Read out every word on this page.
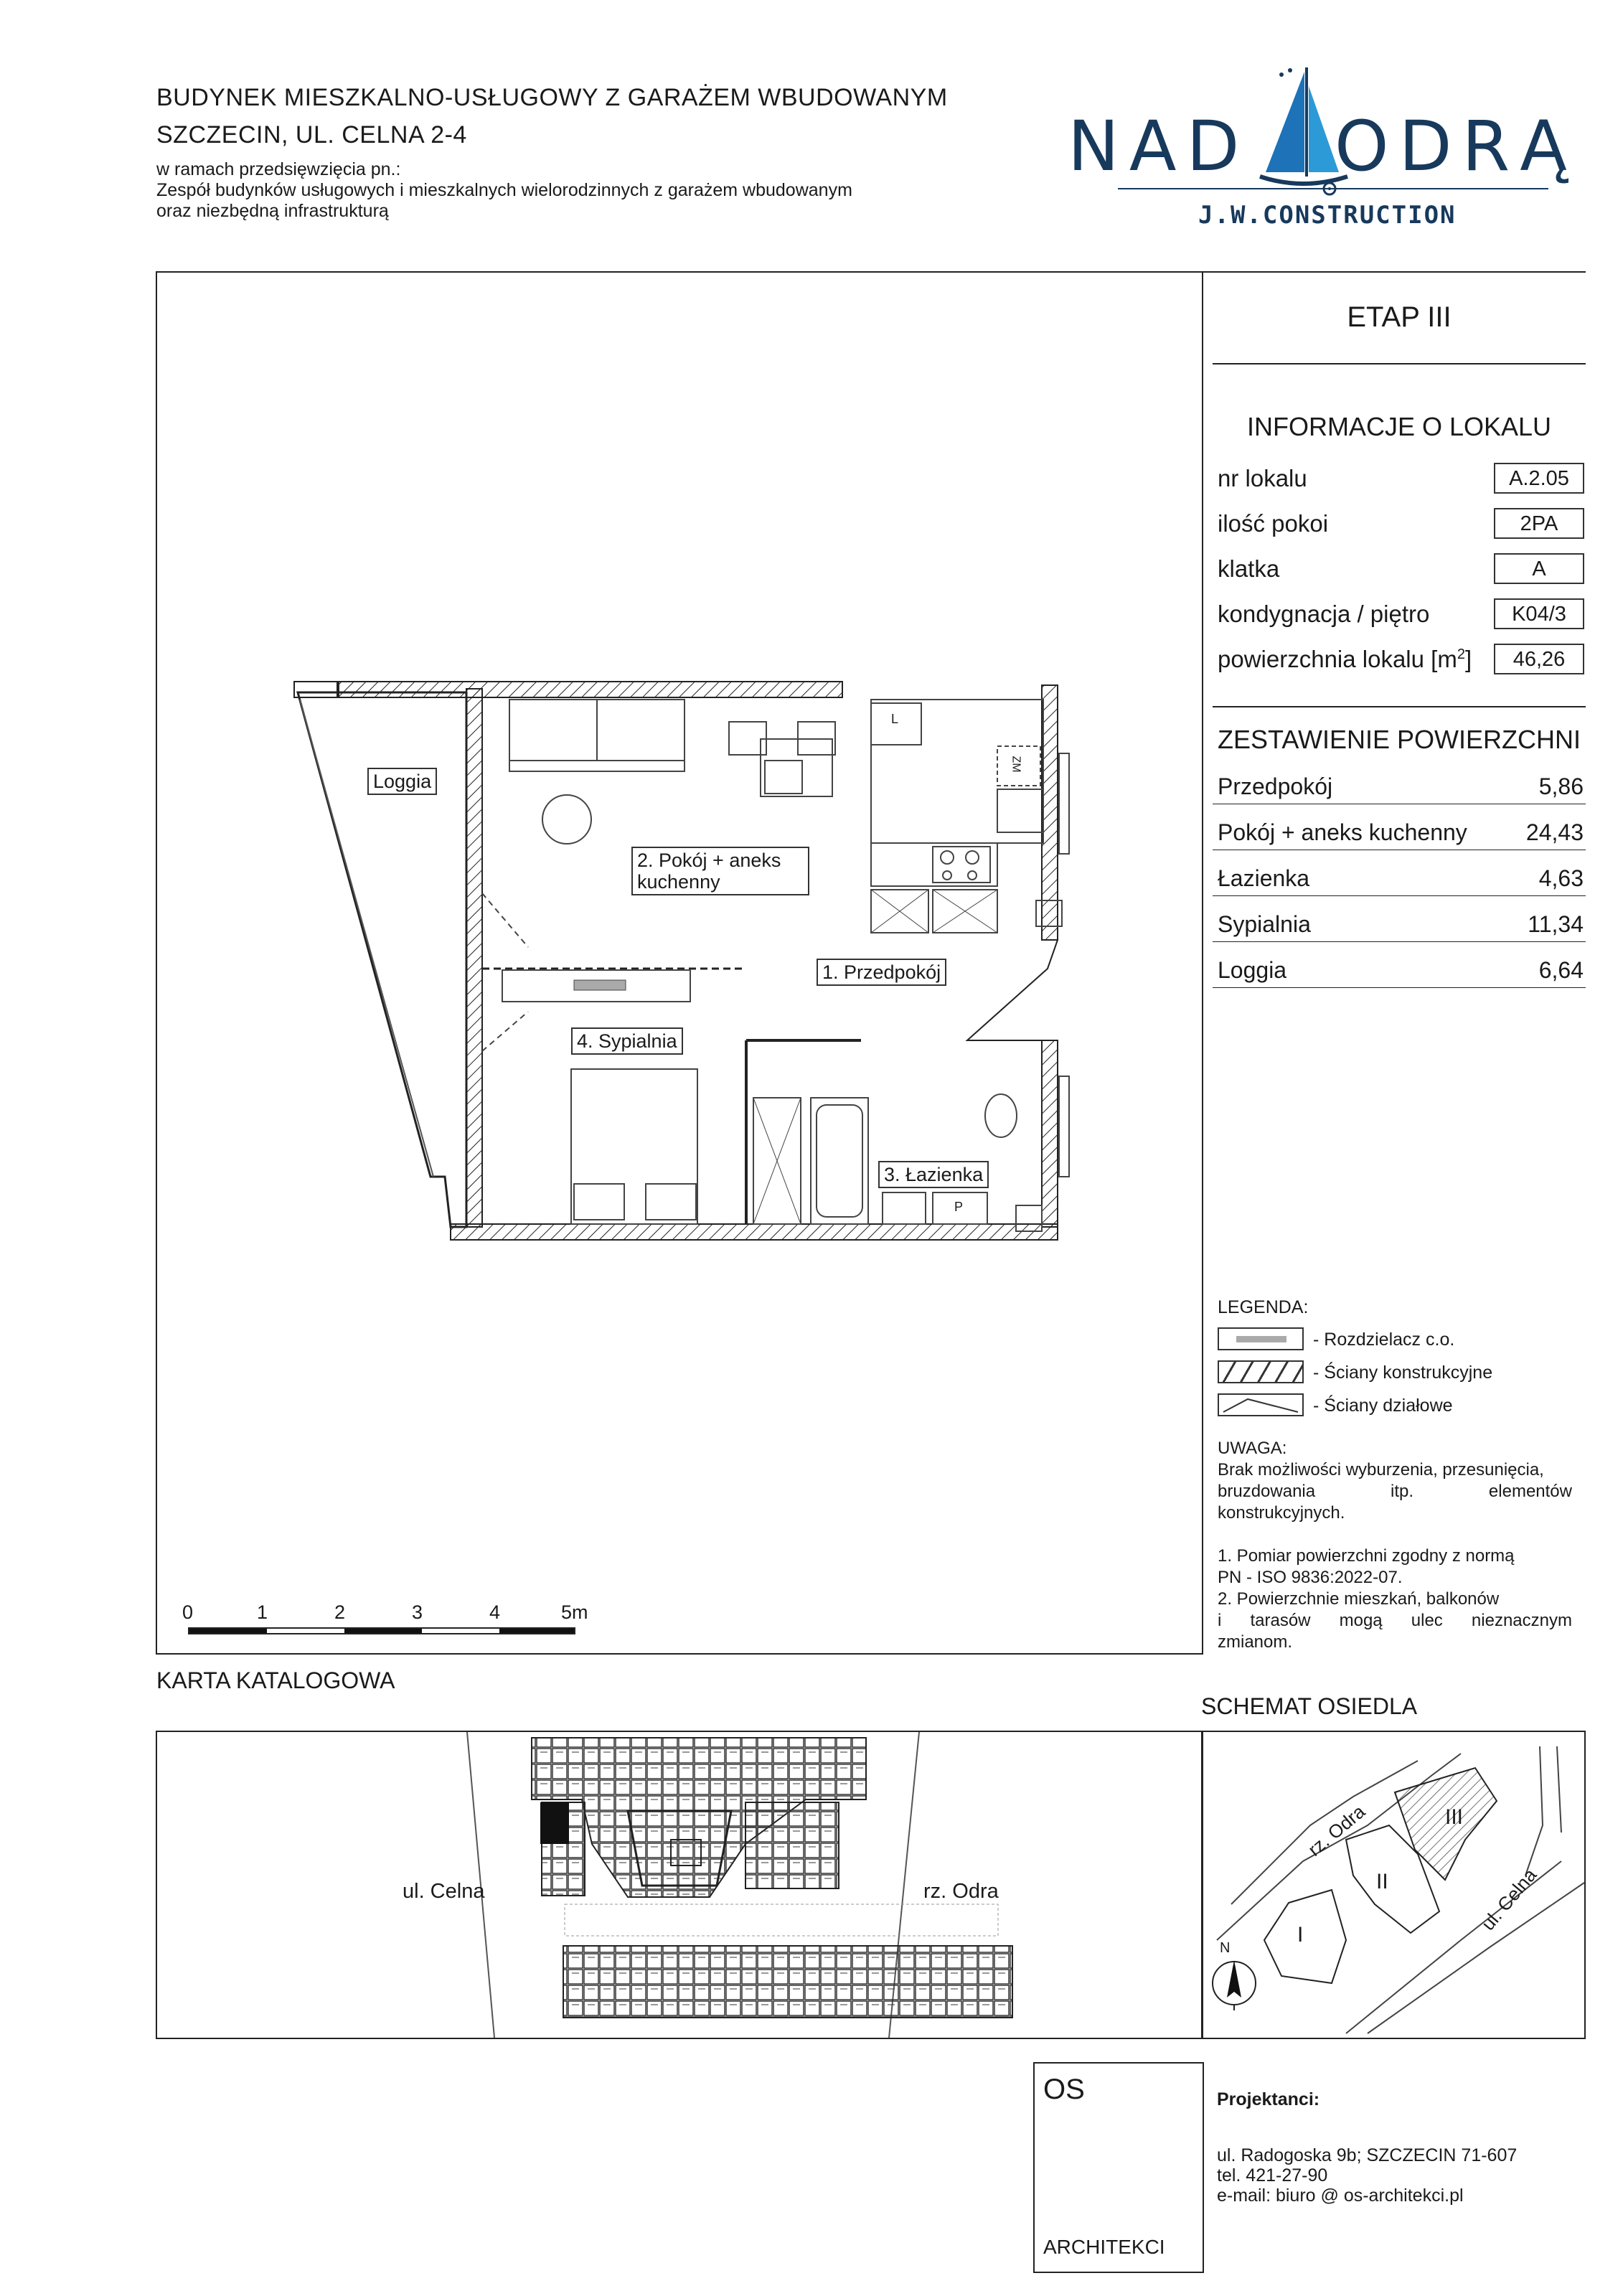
BUDYNEK MIESZKALNO-USŁUGOWY Z GARAŻEM WBUDOWANYM
SZCZECIN, UL. CELNA 2-4
w ramach przedsięwzięcia pn.:
Zespół budynków usługowych i mieszkalnych wielorodzinnych z garażem wbudowanym
oraz niezbędną infrastrukturą
NAD ODRĄ
J.W.CONSTRUCTION
Loggia
2. Pokój + aneks
kuchenny
1. Przedpokój
4. Sypialnia
3. Łazienka
L
ZM
P
0	1	2	3	4	5m
ETAP III
INFORMACJE O LOKALU
nr lokalu	A.2.05
ilość pokoi	2PA
klatka	A
kondygnacja / piętro	K04/3
powierzchnia lokalu $[m^2]$	46,26
ZESTAWIENIE POWIERZCHNI
Przedpokój	5,86
Pokój + aneks kuchenny	24,43
Łazienka	4,63
Sypialnia	11,34
Loggia	6,64
LEGENDA:
- Rozdzielacz c.o.
- Ściany konstrukcyjne
- Ściany działowe
UWAGA:
Brak możliwości wyburzenia, przesunięcia,
bruzdowania itp. elementów
konstrukcyjnych.
1. Pomiar powierzchni zgodny z normą
PN - ISO 9836:2022-07.
2. Powierzchnie mieszkań, balkonów
i tarasów mogą ulec nieznacznym
zmianom.
KARTA KATALOGOWA
SCHEMAT OSIEDLA
ul. Celna	rz. Odra
rz. Odra
ul. Celna
I
II
III
N
OS
ARCHITEKCI
Projektanci:
ul. Radogoska 9b; SZCZECIN 71-607
tel. 421-27-90
e-mail: biuro @ os-architekci.pl
